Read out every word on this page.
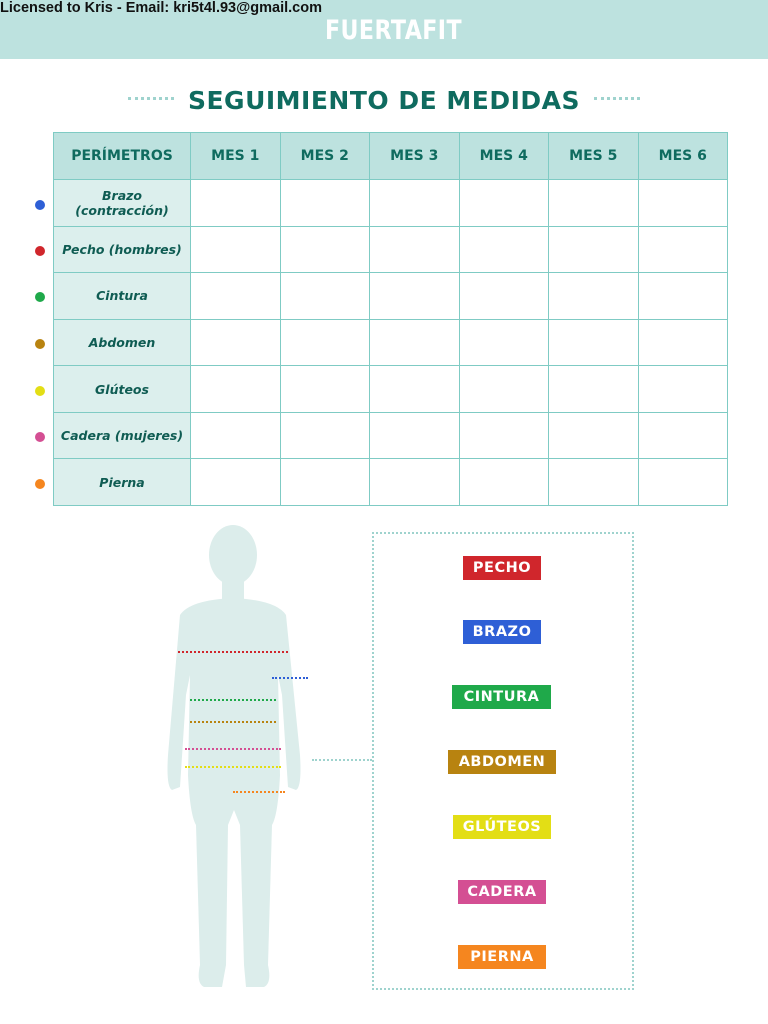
Licensed to Kris - Email: kri5t4l.93@gmail.com
FUERTAFIT
SEGUIMIENTO DE MEDIDAS
PERÍMETROS	MES 1	MES 2	MES 3	MES 4	MES 5	MES 6
Brazo (contracción)						
Pecho (hombres)						
Cintura						
Abdomen						
Glúteos						
Cadera (mujeres)						
Pierna						
PECHO
BRAZO
CINTURA
ABDOMEN
GLÚTEOS
CADERA
PIERNA
